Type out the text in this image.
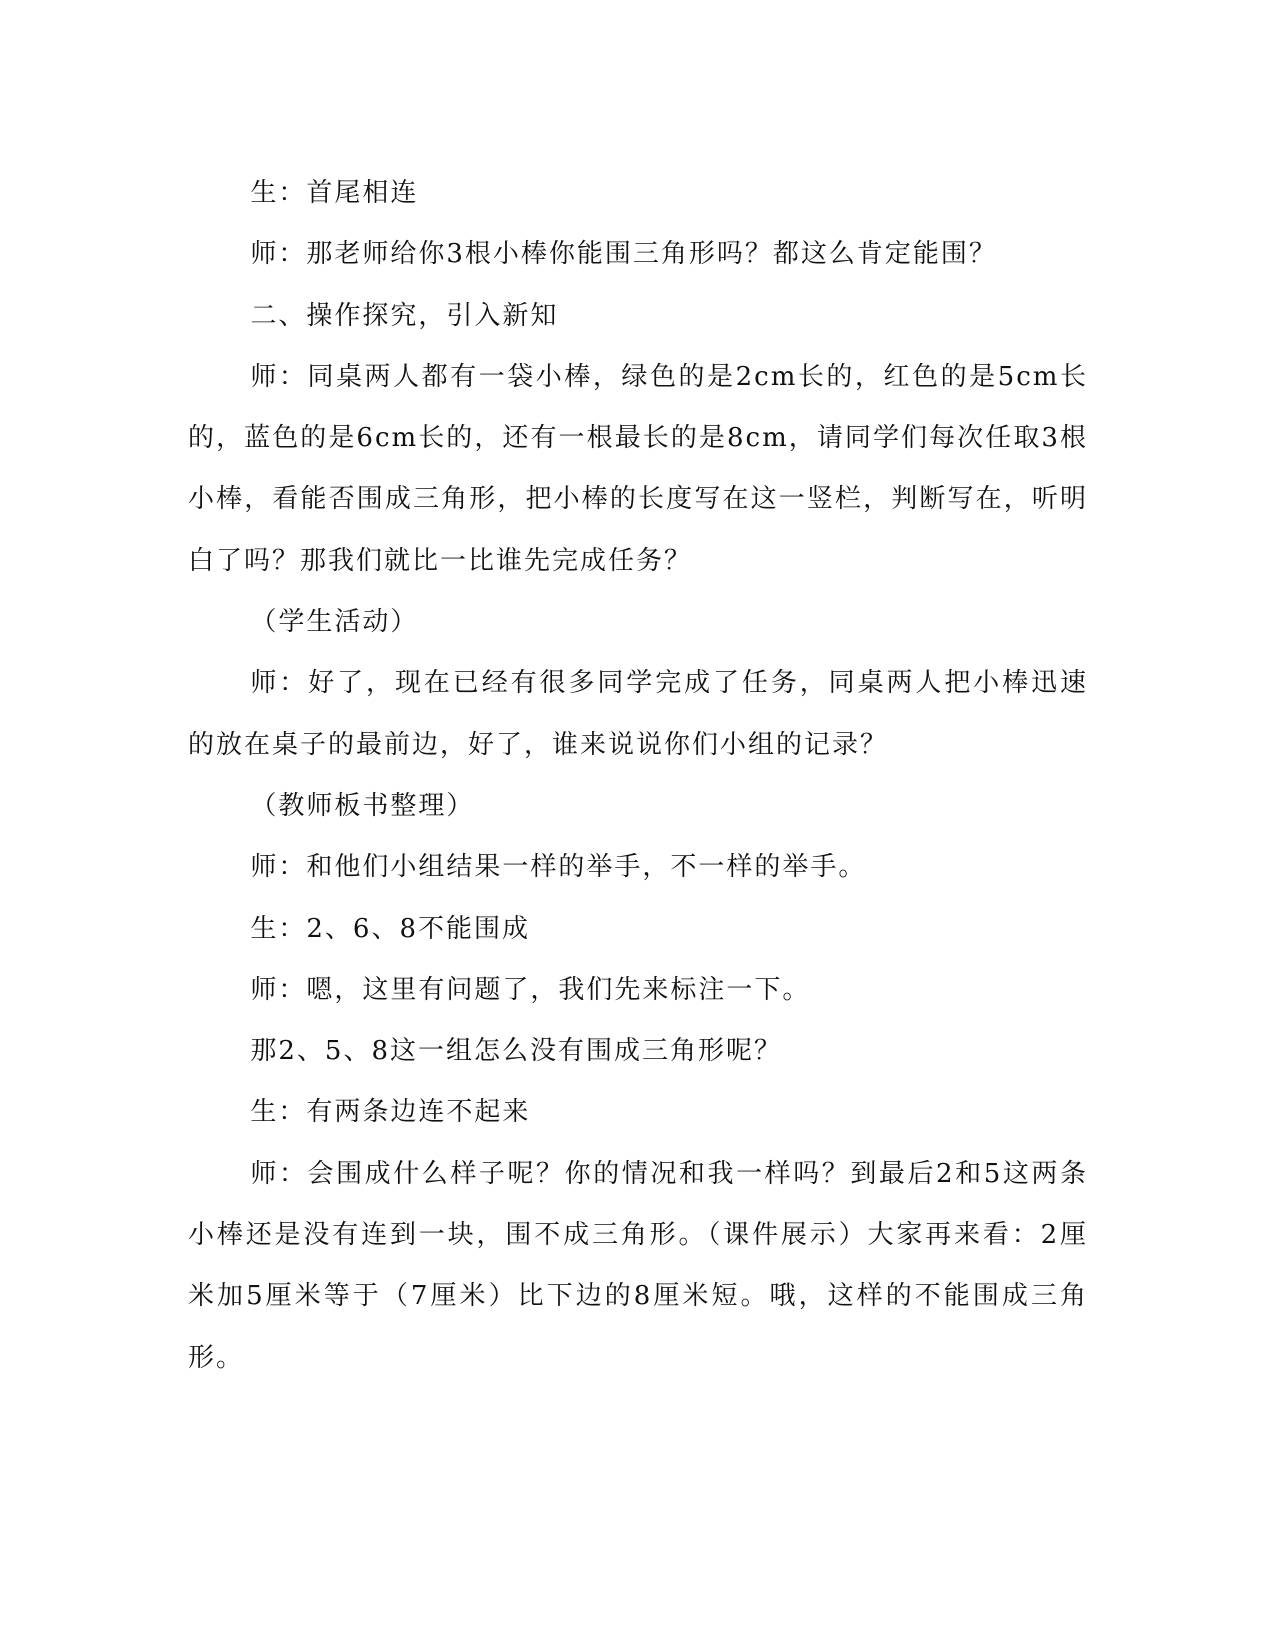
生：首尾相连

师：那老师给你3根小棒你能围三角形吗？都这么肯定能围？

二、操作探究，引入新知

师：同桌两人都有一袋小棒，绿色的是2cm长的，红色的是5cm长的，蓝色的是6cm长的，还有一根最长的是8cm，请同学们每次任取3根小棒，看能否围成三角形，把小棒的长度写在这一竖栏，判断写在，听明白了吗？那我们就比一比谁先完成任务？

（学生活动）

师：好了，现在已经有很多同学完成了任务，同桌两人把小棒迅速的放在桌子的最前边，好了，谁来说说你们小组的记录？

（教师板书整理）

师：和他们小组结果一样的举手，不一样的举手。

生：2、6、8不能围成

师：嗯，这里有问题了，我们先来标注一下。

那2、5、8这一组怎么没有围成三角形呢？

生：有两条边连不起来

师：会围成什么样子呢？你的情况和我一样吗？到最后2和5这两条小棒还是没有连到一块，围不成三角形。（课件展示）大家再来看：2厘米加5厘米等于（7厘米）比下边的8厘米短。哦，这样的不能围成三角形。
